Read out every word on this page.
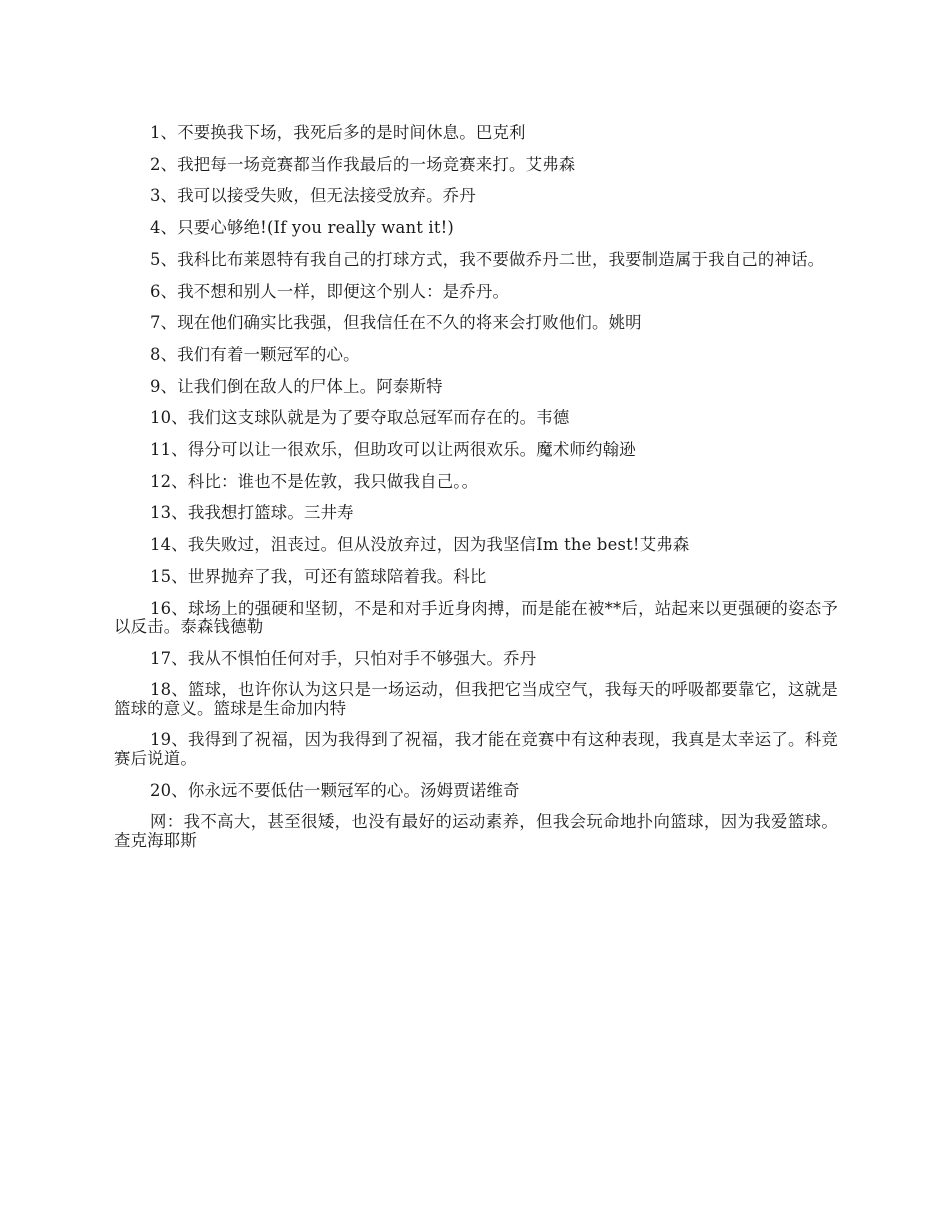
1、不要换我下场，我死后多的是时间休息。巴克利

2、我把每一场竞赛都当作我最后的一场竞赛来打。艾弗森

3、我可以接受失败，但无法接受放弃。乔丹

4、只要心够绝!(If you really want it!)

5、我科比布莱恩特有我自己的打球方式，我不要做乔丹二世，我要制造属于我自己的神话。

6、我不想和别人一样，即便这个别人：是乔丹。

7、现在他们确实比我强，但我信任在不久的将来会打败他们。姚明

8、我们有着一颗冠军的心。

9、让我们倒在敌人的尸体上。阿泰斯特

10、我们这支球队就是为了要夺取总冠军而存在的。韦德

11、得分可以让一很欢乐，但助攻可以让两很欢乐。魔术师约翰逊

12、科比：谁也不是佐敦，我只做我自己。。

13、我我想打篮球。三井寿

14、我失败过，沮丧过。但从没放弃过，因为我坚信Im the best!艾弗森

15、世界抛弃了我，可还有篮球陪着我。科比

16、球场上的强硬和坚韧，不是和对手近身肉搏，而是能在被**后，站起来以更强硬的姿态予以反击。泰森钱德勒

17、我从不惧怕任何对手，只怕对手不够强大。乔丹

18、篮球，也许你认为这只是一场运动，但我把它当成空气，我每天的呼吸都要靠它，这就是篮球的意义。篮球是生命加内特

19、我得到了祝福，因为我得到了祝福，我才能在竞赛中有这种表现，我真是太幸运了。科竞赛后说道。

20、你永远不要低估一颗冠军的心。汤姆贾诺维奇

网：我不高大，甚至很矮，也没有最好的运动素养，但我会玩命地扑向篮球，因为我爱篮球。查克海耶斯
